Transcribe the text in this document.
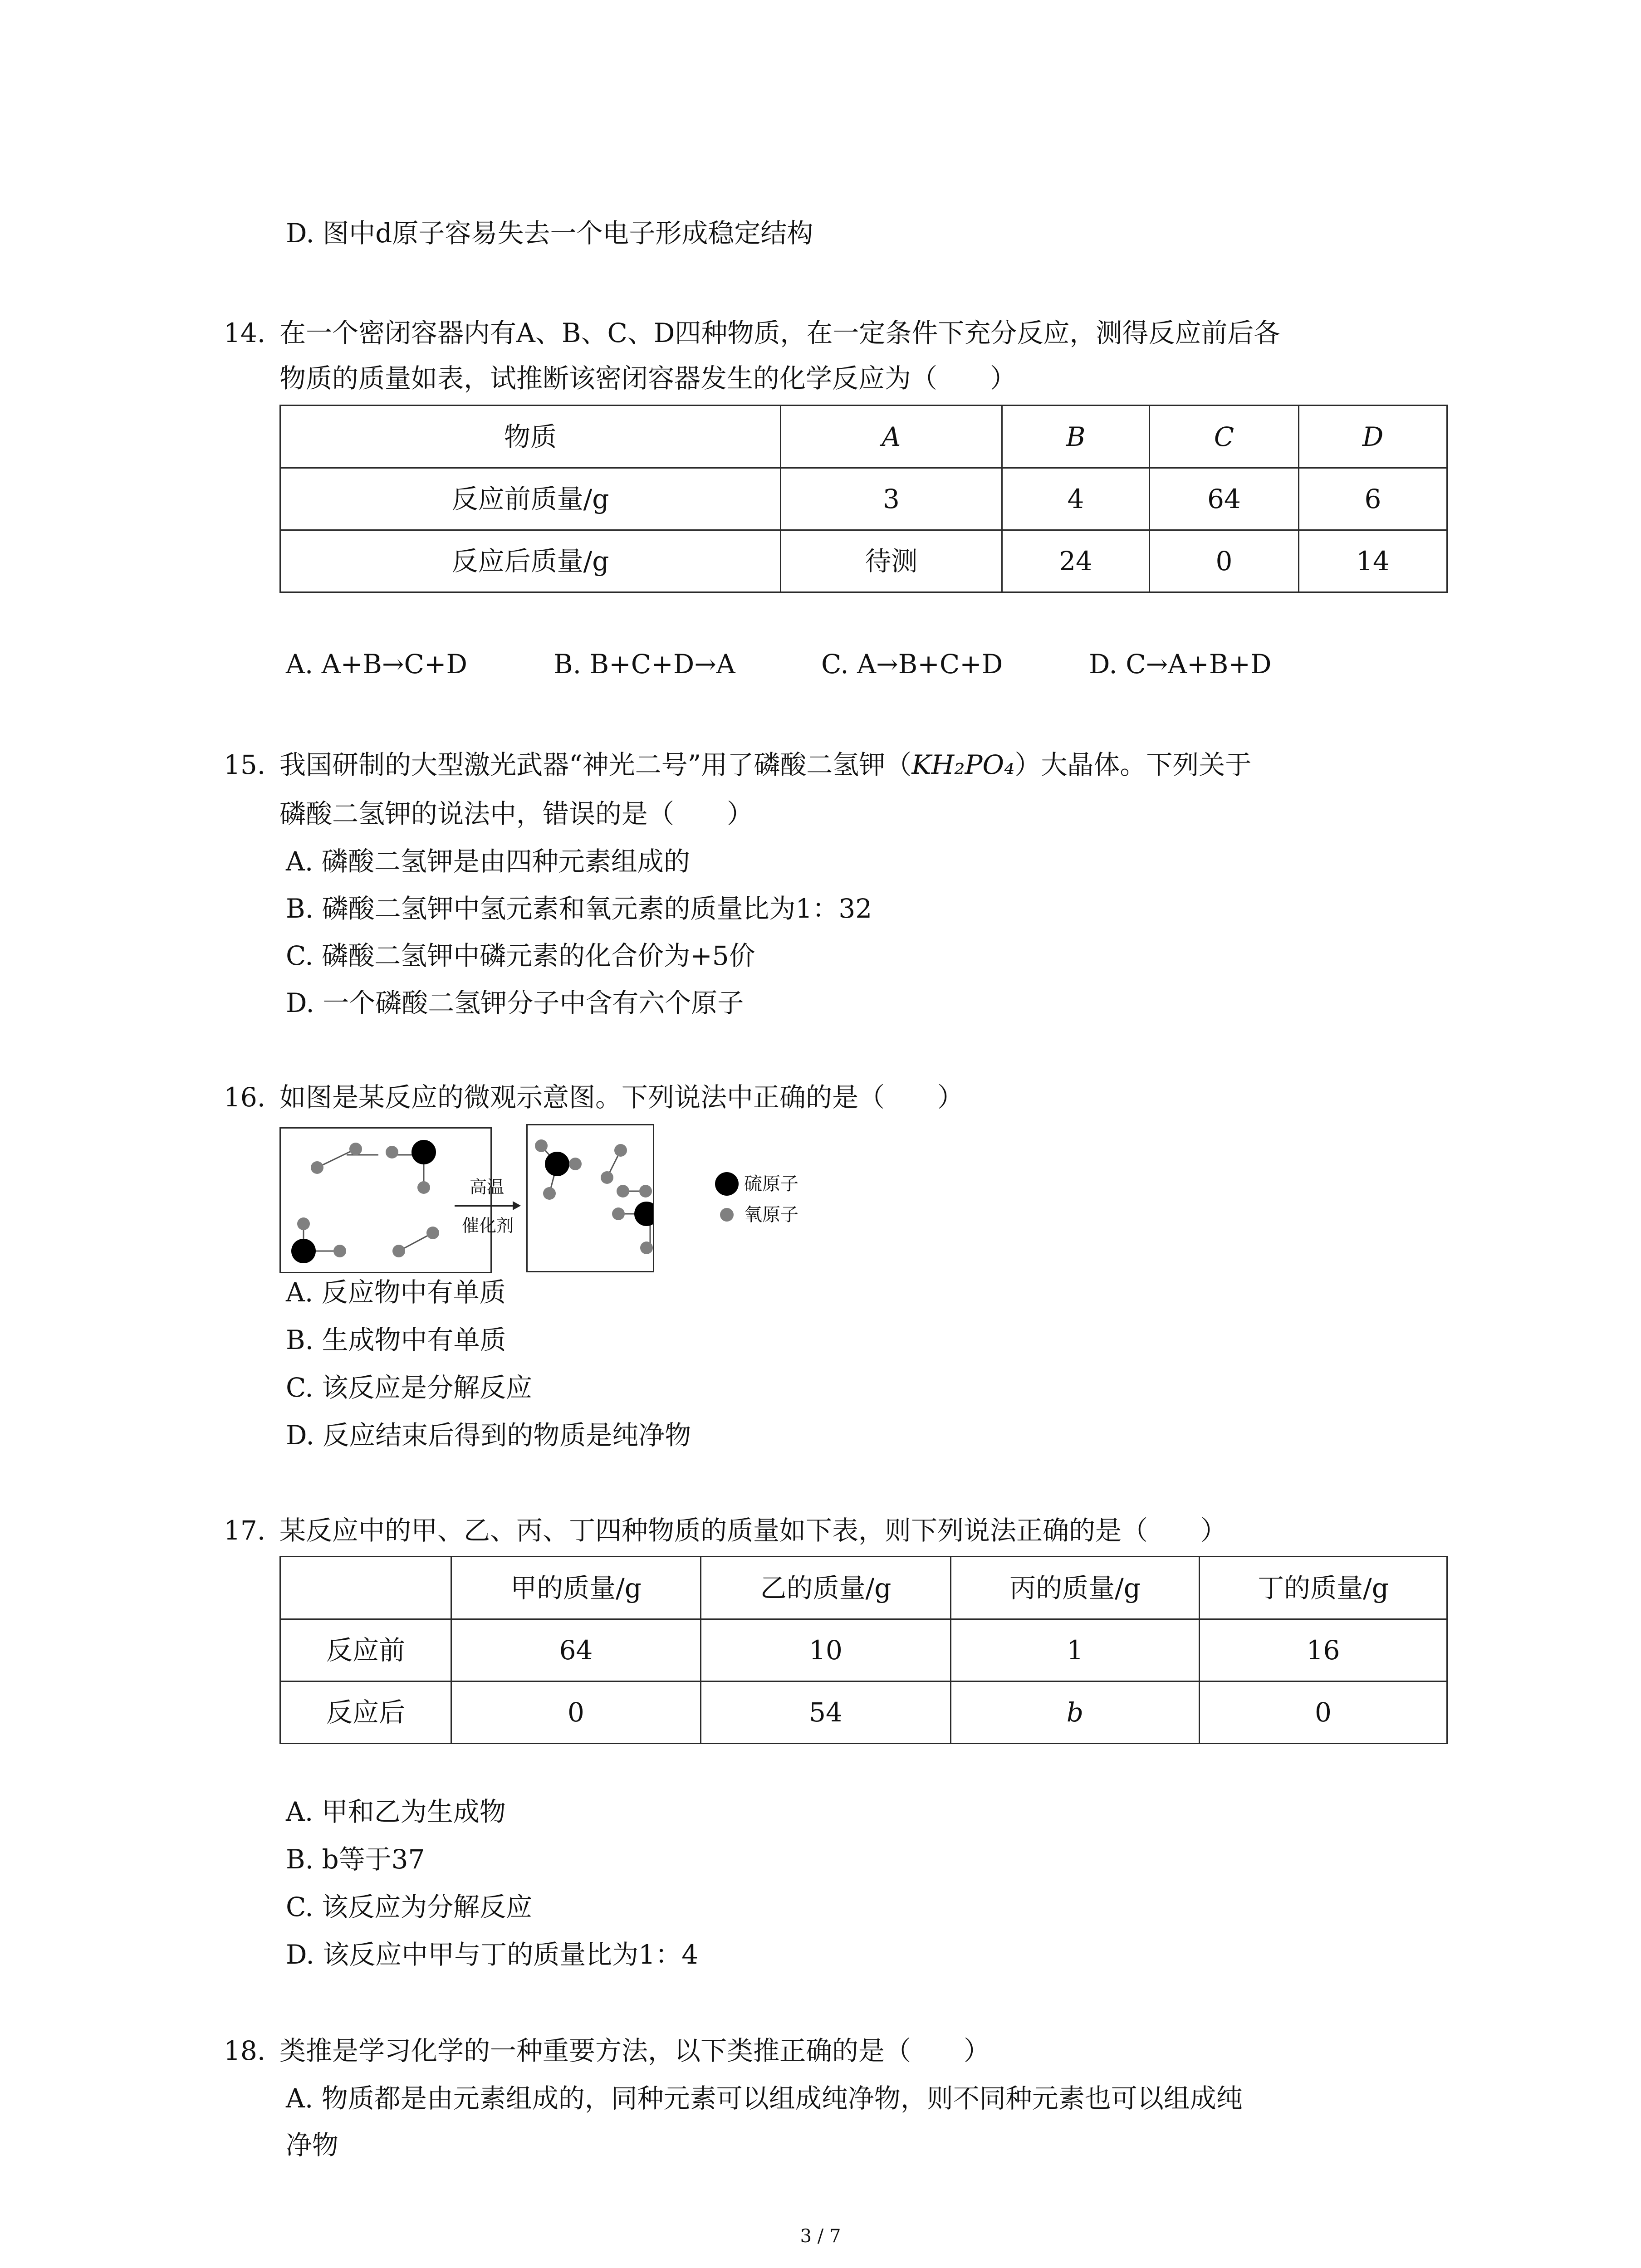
D. 图中d原子容易失去一个电子形成稳定结构
14. 在一个密闭容器内有A、B、C、D四种物质，在一定条件下充分反应，测得反应前后各
物质的质量如表，试推断该密闭容器发生的化学反应为（　　）
物质	A	B	C	D
反应前质量/g	3	4	64	6
反应后质量/g	待测	24	0	14
A. A+B→C+D	B. B+C+D→A	C. A→B+C+D	D. C→A+B+D
15. 我国研制的大型激光武器“神光二号”用了磷酸二氢钾（KH₂PO₄）大晶体。下列关于
磷酸二氢钾的说法中，错误的是（　　）
A. 磷酸二氢钾是由四种元素组成的
B. 磷酸二氢钾中氢元素和氧元素的质量比为1：32
C. 磷酸二氢钾中磷元素的化合价为+5价
D. 一个磷酸二氢钾分子中含有六个原子
16. 如图是某反应的微观示意图。下列说法中正确的是（　　）
高温
催化剂
硫原子
氧原子
A. 反应物中有单质
B. 生成物中有单质
C. 该反应是分解反应
D. 反应结束后得到的物质是纯净物
17. 某反应中的甲、乙、丙、丁四种物质的质量如下表，则下列说法正确的是（　　）
	甲的质量/g	乙的质量/g	丙的质量/g	丁的质量/g
反应前	64	10	1	16
反应后	0	54	b	0
A. 甲和乙为生成物
B. b等于37
C. 该反应为分解反应
D. 该反应中甲与丁的质量比为1：4
18. 类推是学习化学的一种重要方法，以下类推正确的是（　　）
A. 物质都是由元素组成的，同种元素可以组成纯净物，则不同种元素也可以组成纯
净物
3 / 7
